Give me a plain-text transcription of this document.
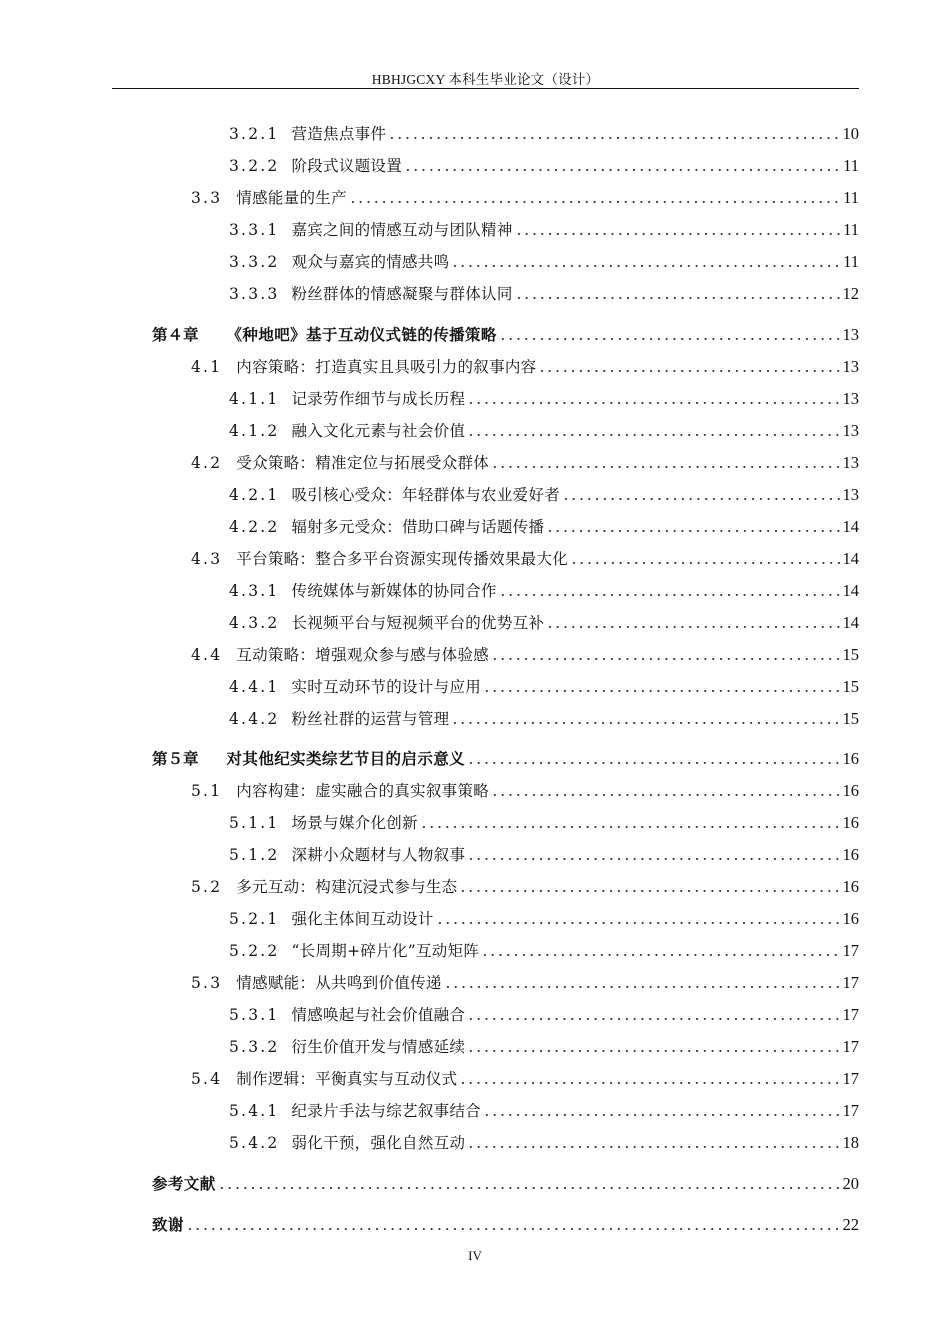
HBHJGCXY 本科生毕业论文（设计）
3.2.1 营造焦点事件	10
3.2.2 阶段式议题设置	11
3.3 情感能量的生产	11
3.3.1 嘉宾之间的情感互动与团队精神	11
3.3.2 观众与嘉宾的情感共鸣	11
3.3.3 粉丝群体的情感凝聚与群体认同	12
第４章 《种地吧》基于互动仪式链的传播策略	13
4.1 内容策略：打造真实且具吸引力的叙事内容	13
4.1.1 记录劳作细节与成长历程	13
4.1.2 融入文化元素与社会价值	13
4.2 受众策略：精准定位与拓展受众群体	13
4.2.1 吸引核心受众：年轻群体与农业爱好者	13
4.2.2 辐射多元受众：借助口碑与话题传播	14
4.3 平台策略：整合多平台资源实现传播效果最大化	14
4.3.1 传统媒体与新媒体的协同合作	14
4.3.2 长视频平台与短视频平台的优势互补	14
4.4 互动策略：增强观众参与感与体验感	15
4.4.1 实时互动环节的设计与应用	15
4.4.2 粉丝社群的运营与管理	15
第５章 对其他纪实类综艺节目的启示意义	16
5.1 内容构建：虚实融合的真实叙事策略	16
5.1.1 场景与媒介化创新	16
5.1.2 深耕小众题材与人物叙事	16
5.2 多元互动：构建沉浸式参与生态	16
5.2.1 强化主体间互动设计	16
5.2.2 “长周期+碎片化”互动矩阵	17
5.3 情感赋能：从共鸣到价值传递	17
5.3.1 情感唤起与社会价值融合	17
5.3.2 衍生价值开发与情感延续	17
5.4 制作逻辑：平衡真实与互动仪式	17
5.4.1 纪录片手法与综艺叙事结合	17
5.4.2 弱化干预，强化自然互动	18
参考文献	20
致谢	22
IV
